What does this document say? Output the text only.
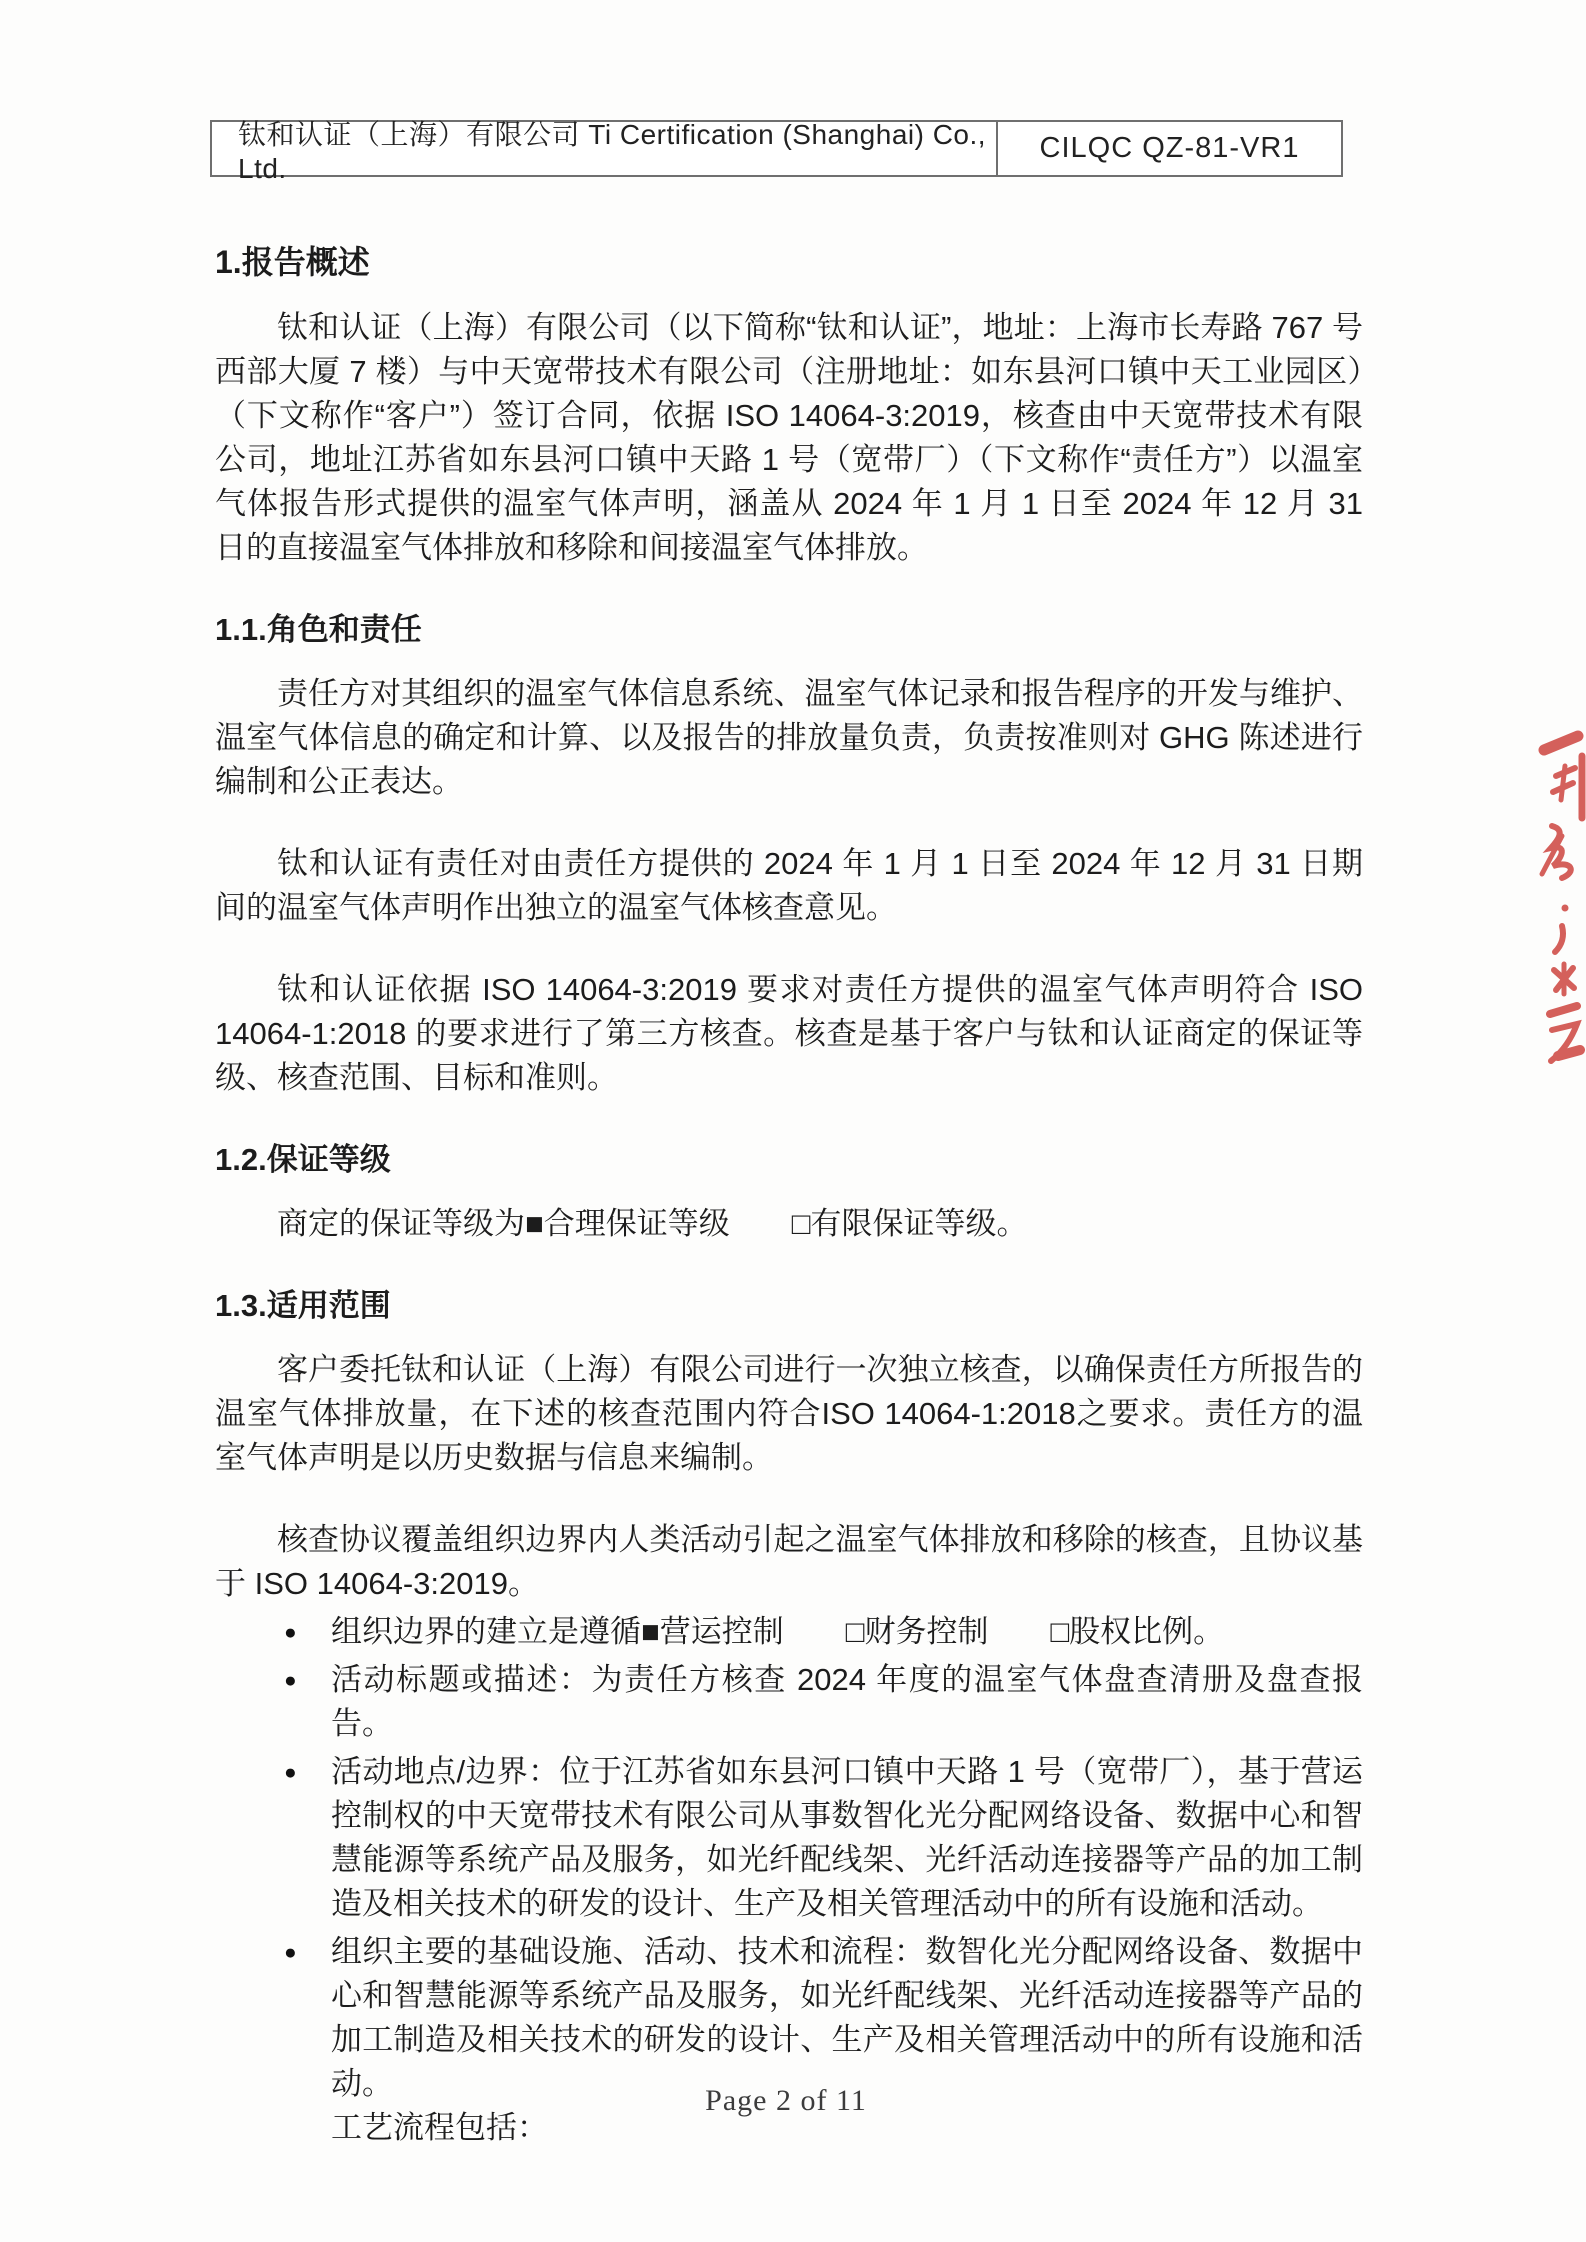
钛和认证（上海）有限公司 Ti Certification (Shanghai) Co., Ltd.
CILQC QZ-81-VR1
1.报告概述

钛和认证（上海）有限公司（以下简称“钛和认证”，地址：上海市长寿路 767 号西部大厦 7 楼）与中天宽带技术有限公司（注册地址：如东县河口镇中天工业园区）（下文称作“客户”）签订合同，依据 ISO 14064-3:2019，核查由中天宽带技术有限公司，地址江苏省如东县河口镇中天路 1 号（宽带厂）（下文称作“责任方”）以温室气体报告形式提供的温室气体声明，涵盖从 2024 年 1 月 1 日至 2024 年 12 月 31 日的直接温室气体排放和移除和间接温室气体排放。

1.1.角色和责任

责任方对其组织的温室气体信息系统、温室气体记录和报告程序的开发与维护、温室气体信息的确定和计算、以及报告的排放量负责，负责按准则对 GHG 陈述进行编制和公正表达。

钛和认证有责任对由责任方提供的 2024 年 1 月 1 日至 2024 年 12 月 31 日期间的温室气体声明作出独立的温室气体核查意见。

钛和认证依据 ISO 14064-3:2019 要求对责任方提供的温室气体声明符合 ISO 14064-1:2018 的要求进行了第三方核查。核查是基于客户与钛和认证商定的保证等级、核查范围、目标和准则。

1.2.保证等级

商定的保证等级为■合理保证等级　　□有限保证等级。

1.3.适用范围

客户委托钛和认证（上海）有限公司进行一次独立核查，以确保责任方所报告的温室气体排放量，在下述的核查范围内符合ISO 14064-1:2018之要求。责任方的温室气体声明是以历史数据与信息来编制。

核查协议覆盖组织边界内人类活动引起之温室气体排放和移除的核查，且协议基于 ISO 14064-3:2019。

● 组织边界的建立是遵循■营运控制　　□财务控制　　□股权比例。
● 活动标题或描述：为责任方核查 2024 年度的温室气体盘查清册及盘查报告。
● 活动地点/边界：位于江苏省如东县河口镇中天路 1 号（宽带厂），基于营运控制权的中天宽带技术有限公司从事数智化光分配网络设备、数据中心和智慧能源等系统产品及服务，如光纤配线架、光纤活动连接器等产品的加工制造及相关技术的研发的设计、生产及相关管理活动中的所有设施和活动。
● 组织主要的基础设施、活动、技术和流程：数智化光分配网络设备、数据中心和智慧能源等系统产品及服务，如光纤配线架、光纤活动连接器等产品的加工制造及相关技术的研发的设计、生产及相关管理活动中的所有设施和活动。
工艺流程包括：
Page 2 of 11
